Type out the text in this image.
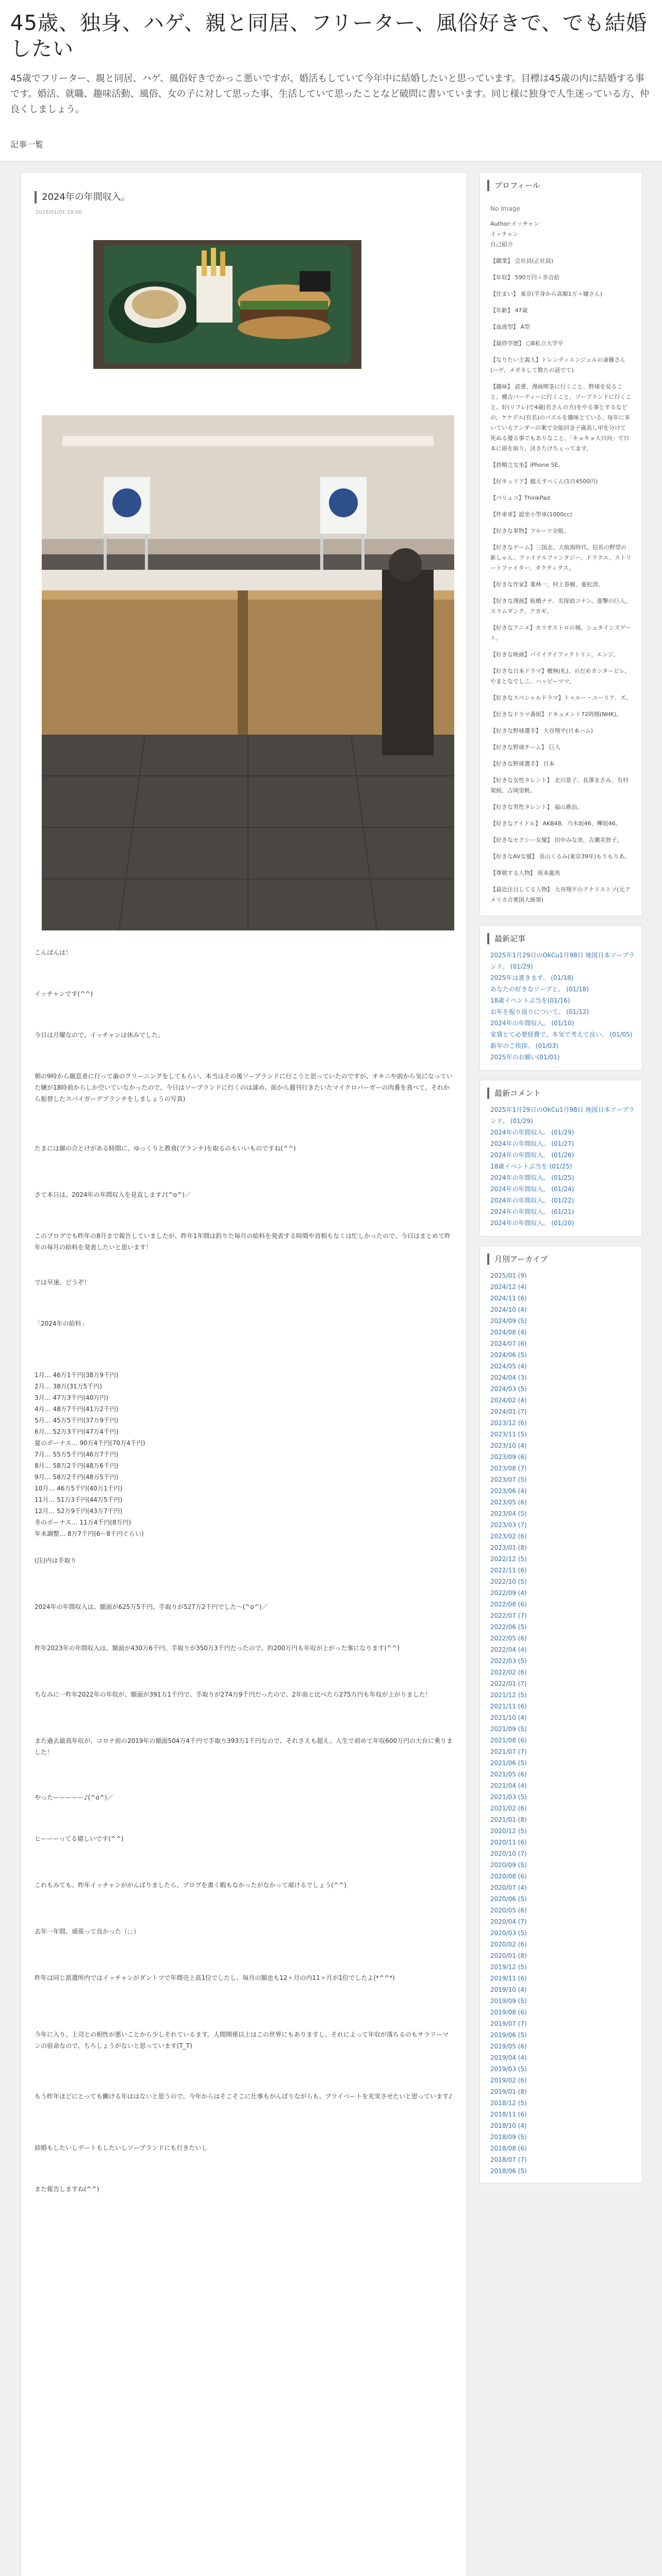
45歳、独身、ハゲ、親と同居、フリーター、風俗好きで、でも結婚したい

45歳でフリーター、親と同居、ハゲ、風俗好きでかっこ悪いですが、婚活もしていて今年中に結婚したいと思っています。目標は45歳の内に結婚する事です。婚活、就職、趣味活動、風俗、女の子に対して思った事、生活していて思ったことなど破問に書いています。同じ様に独身で人生迷っている方、仲良くしましょう。

記事一覧
2024年の年間収入。
2025/01/01 19:00
こんばんは！
イッチャンです(^^)
今日は月曜なので、イッチャンは休みでした。
朝の9時から親息者に行って歯のクリーニングをしてもらい、本当はその後ソープランドに行こうと思っていたのですが、オキニや前から気になっていた嬢が18時前からしか空いていなかったので、今日はソープランドに行くのは諦め、前から週刊行きたいたマイクロバーガーの肉番を食べて、それから振替したスパイガーデブランチをしましょうの写真)
たまには御の合とけがある時間に、ゆっくりと教食(ブランチ)を取るのもいいものですね(^^)
さて本日は、2024年の年間収入を見直します♪(^o^)／
このブログでも昨年の8月まで報告していましたが、昨年1年間は釣りた毎月の給料を発表する時間や首相もなくは忙しかったので、今日はまとめて昨年の毎月の給料を発表したいと思います！
では早速、どうぞ！
「2024年の給料」
1月… 46万1千円(38万9千円)
2月… 38万(31万5千円)
3月… 47万3千円(40万円)
4月… 48万7千円(41万2千円)
5月… 45万5千円(37万9千円)
6月… 52万3千円(47万4千円)
夏のボーナス… 90万4千円(70万4千円)
7月… 55万5千円(46万7千円)
8月… 58万2千円(48万6千円)
9月… 58万2千円(48万5千円)
10月… 46万5千円(40万1千円)
11月… 51万3千円(44万5千円)
12月… 52万9千円(43万7千円)
冬のボーナス… 11万4千円(8万円)
年末調整… 8万7千円(6～8千円ぐらい)
(注)内は手取り
2024年の年間収入は、額面が625万5千円、手取りが527万2千円でした～(^o^)／
昨年2023年の年間収入は、額面が430万6千円、手取りが350万3千円だったので、約200万円も年収が上がった事になります(^^)
ちなみに一昨年2022年の年収が、額面が391万1千円で、手取りが274万9千円だったので、2年前と比べたら275万円も年収が上がりました！
また過去最高年収が、コロナ前の2019年の額面504万4千円で手取り393万1千円なので、それさえも超え、人生で初めて年収600万円の大台に乗りました！
やったーーーーー♪(^o^)／
ヒーーーってる嬉しいです(^^)
これもみても、昨年イッチャンががんばりましたら、ブログを書く暇もなかったがなかって頑けるでしょう(^^)
去年一年間、頑張って良かった（；；）
昨年は同じ派遣所内ではイッチャンがダントツで年間売上高1位でしたし、毎月の額也も12ヶ月の内11ヶ月が1位でしたよ(*^^*)
今年に入り、上司との相性が悪いことから少しそれているます。人間関係以上はこの世界にもありますし、それによって年収が落ちるのもサラリーマンの宿命なので、ちろしょうがないと思っています(T_T)
もう昨年ほどにとっても働ける年ははないと思うので、今年からはそこそこに仕事もがんばりながらも、プライベートを充実させたいと思っています♪
結婚もしたいしデートもしたいしソープランドにも行きたいし
また報告しますね(^^)
プロフィール
No Image
Author:イッチャン
イッチャン
自己紹介
【職業】 会社員(正社員)
【年収】 590万円＋歩合給
【住まい】 東京(半身から高額1万＋嬢さん)
【年齢】 47歳
【血液型】 A型
【最終学歴】 ○B私立大学卒
【なりたい主義人】トレンディエンジェルの斎藤さん(ハゲ、メガネして数たの話でて)
【趣味】 読書、漫画喫茶に行くこと、野球を見ること、棚吉パーティーに行くこと、ソープランドに行くこと、好(リフレ)で4歳(若さんの方)をやる事とするなどの、ケケデエ(有名)のパズルを趣味とている。毎年に多いているアンダーの案で全能回金子歳高し甲を分けて死ぬる優る事でもありなこと、「キョキョ大日向」で日本に頭を取り、決さたけちぇってます。
【搭帽之女坐】iPhone SE。
【好キュリア】越天すべくん(1日4500円)
【パリュコ】ThinkPad
【件車車】認坐小型車(1000cc)
【好きな果物】フルーツ全般。
【好きなゲーム】三国志、大航海時代、信長の野望の新しゃん、ファイナルファンタジー、ドラクエ、ストリートファイター、タクティクス。
【好きな作家】薬林一、村上春樹、重松清。
【好きな漫画】板橋ナナ、名探偵コナン、進撃の巨人、スラムダンク、アカギ。
【好きなアニメ】カリオストロの城、シュタインズゲート。
【好きな映画】バイイクイファクトリン、エンジ。
【好きな日本ドラマ】檄無(札)、のだめカンタービレ、やまとなでしこ、ハッピーママ。
【好きなスペシャルドラマ】トゥルー・ユーリア、ズ。
【好きなドラマ番組】ドキュメント72時間(NHK)。
【好きな野球選手】 大谷翔平(日本ハム)
【好きな野球チーム】 巨人
【好きな野球選手】 日本
【好きな女性タレント】 北川景子、長澤まさみ、有村架純、吉岡里帆。
【好きな男性タレント】 福山雅治、
【好きなアイドル】 AKB48、乃木坂46、欅坂46。
【好きなセクシー女優】 田中みな実、吉瀬美智子。
【好きなAV女優】 長山くるみ(東京39年)もりもりあ。
【尊敬する人物】 坂本龍馬
【最近注目してる人物】 大谷翔平のアナリストソ(元アメリカ合衆国大統領)
最新記事
2025年1月29日のOkCu1月98日 地図日本ソープランド。 (01/29)
2025年は書きます。 (01/18)
あなたの好きなソープと。 (01/18)
18歳イベントぶ当を(01/16)
お年を振り返りについて。 (01/12)
2024年の年間収入。 (01/10)
家賃とて必要経費で、本気で考えて良い。 (01/05)
新年のご挨拶。 (01/03)
2025年のお願い(01/01)
最新コメント
2025年1月29日のOkCu1月98日 地図日本ソープランド。 (01/29)
2024年の年間収入。 (01/29)
2024年の年間収入。 (01/27)
2024年の年間収入。 (01/26)
18歳イベントぶ当を (01/25)
2024年の年間収入。 (01/25)
2024年の年間収入。 (01/24)
2024年の年間収入。 (01/22)
2024年の年間収入。 (01/21)
2024年の年間収入。 (01/20)
月別アーカイブ
2025/01 (9)
2024/12 (4)
2024/11 (6)
2024/10 (4)
2024/09 (5)
2024/08 (4)
2024/07 (6)
2024/06 (5)
2024/05 (4)
2024/04 (3)
2024/03 (5)
2024/02 (4)
2024/01 (7)
2023/12 (6)
2023/11 (5)
2023/10 (4)
2023/09 (6)
2023/08 (7)
2023/07 (5)
2023/06 (4)
2023/05 (6)
2023/04 (5)
2023/03 (7)
2023/02 (6)
2023/01 (8)
2022/12 (5)
2022/11 (6)
2022/10 (5)
2022/09 (4)
2022/08 (6)
2022/07 (7)
2022/06 (5)
2022/05 (6)
2022/04 (4)
2022/03 (5)
2022/02 (6)
2022/01 (7)
2021/12 (5)
2021/11 (6)
2021/10 (4)
2021/09 (5)
2021/08 (6)
2021/07 (7)
2021/06 (5)
2021/05 (6)
2021/04 (4)
2021/03 (5)
2021/02 (6)
2021/01 (8)
2020/12 (5)
2020/11 (6)
2020/10 (7)
2020/09 (5)
2020/08 (6)
2020/07 (4)
2020/06 (5)
2020/05 (6)
2020/04 (7)
2020/03 (5)
2020/02 (6)
2020/01 (8)
2019/12 (5)
2019/11 (6)
2019/10 (4)
2019/09 (5)
2019/08 (6)
2019/07 (7)
2019/06 (5)
2019/05 (6)
2019/04 (4)
2019/03 (5)
2019/02 (6)
2019/01 (8)
2018/12 (5)
2018/11 (6)
2018/10 (4)
2018/09 (5)
2018/08 (6)
2018/07 (7)
2018/06 (5)
